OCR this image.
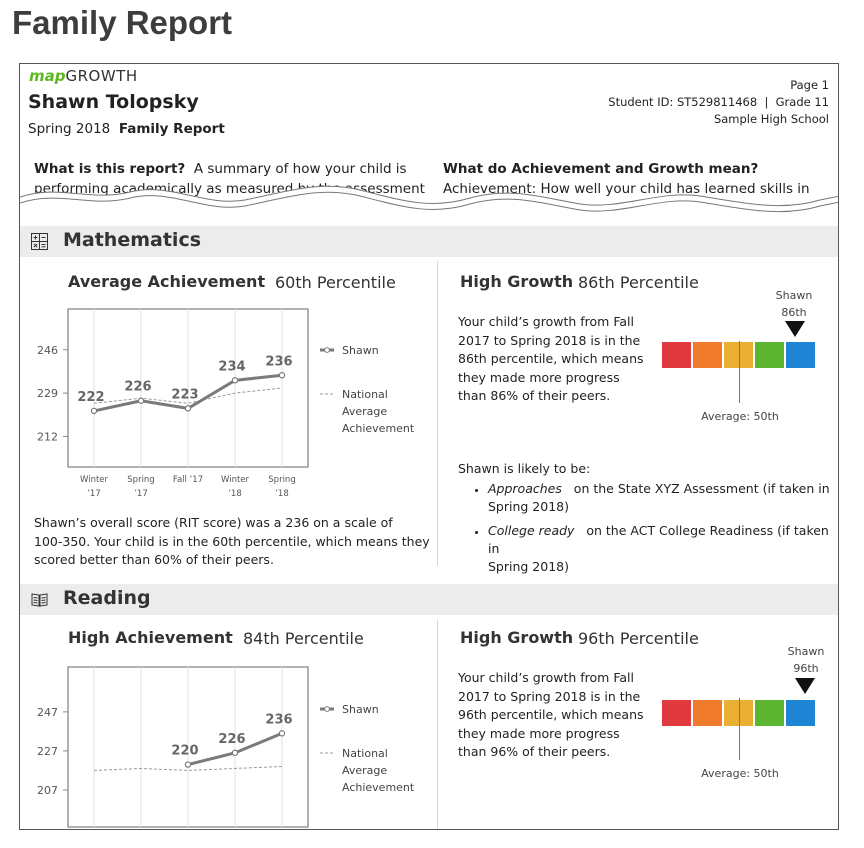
Family Report
mapGROWTH
Shawn Tolopsky
Spring 2018 Family Report
Page 1
Student ID: ST529811468  |  Grade 11
Sample High School
What is this report? A summary of how your child is
performing academically as measured by the assessment
What do Achievement and Growth mean?
Achievement: How well your child has learned skills in
Mathematics
Average Achievement 60th Percentile
246
229
212
222
226
223
234 236
Winter Spring Fall ’17 Winter Spring
’17	’17	’18	’18
Shawn
National
Average
Achievement
Shawn’s overall score (RIT score) was a 236 on a scale of
100-350. Your child is in the 60th percentile, which means they
scored better than 60% of their peers.
High Growth 86th Percentile
Your child’s growth from Fall
2017 to Spring 2018 is in the
86th percentile, which means
they made more progress
than 86% of their peers.
Shawn
86th
Average: 50th
Shawn is likely to be:
• Approaches on the State XYZ Assessment (if taken in
Spring 2018)
• College ready on the ACT College Readiness (if taken in
Spring 2018)
•
Reading
High Achievement 84th Percentile
247
227
207
220
226
236
Shawn
National
Average
Achievement
High Growth 96th Percentile
Your child’s growth from Fall
2017 to Spring 2018 is in the
96th percentile, which means
they made more progress
than 96% of their peers.
Shawn
96th
Average: 50th
